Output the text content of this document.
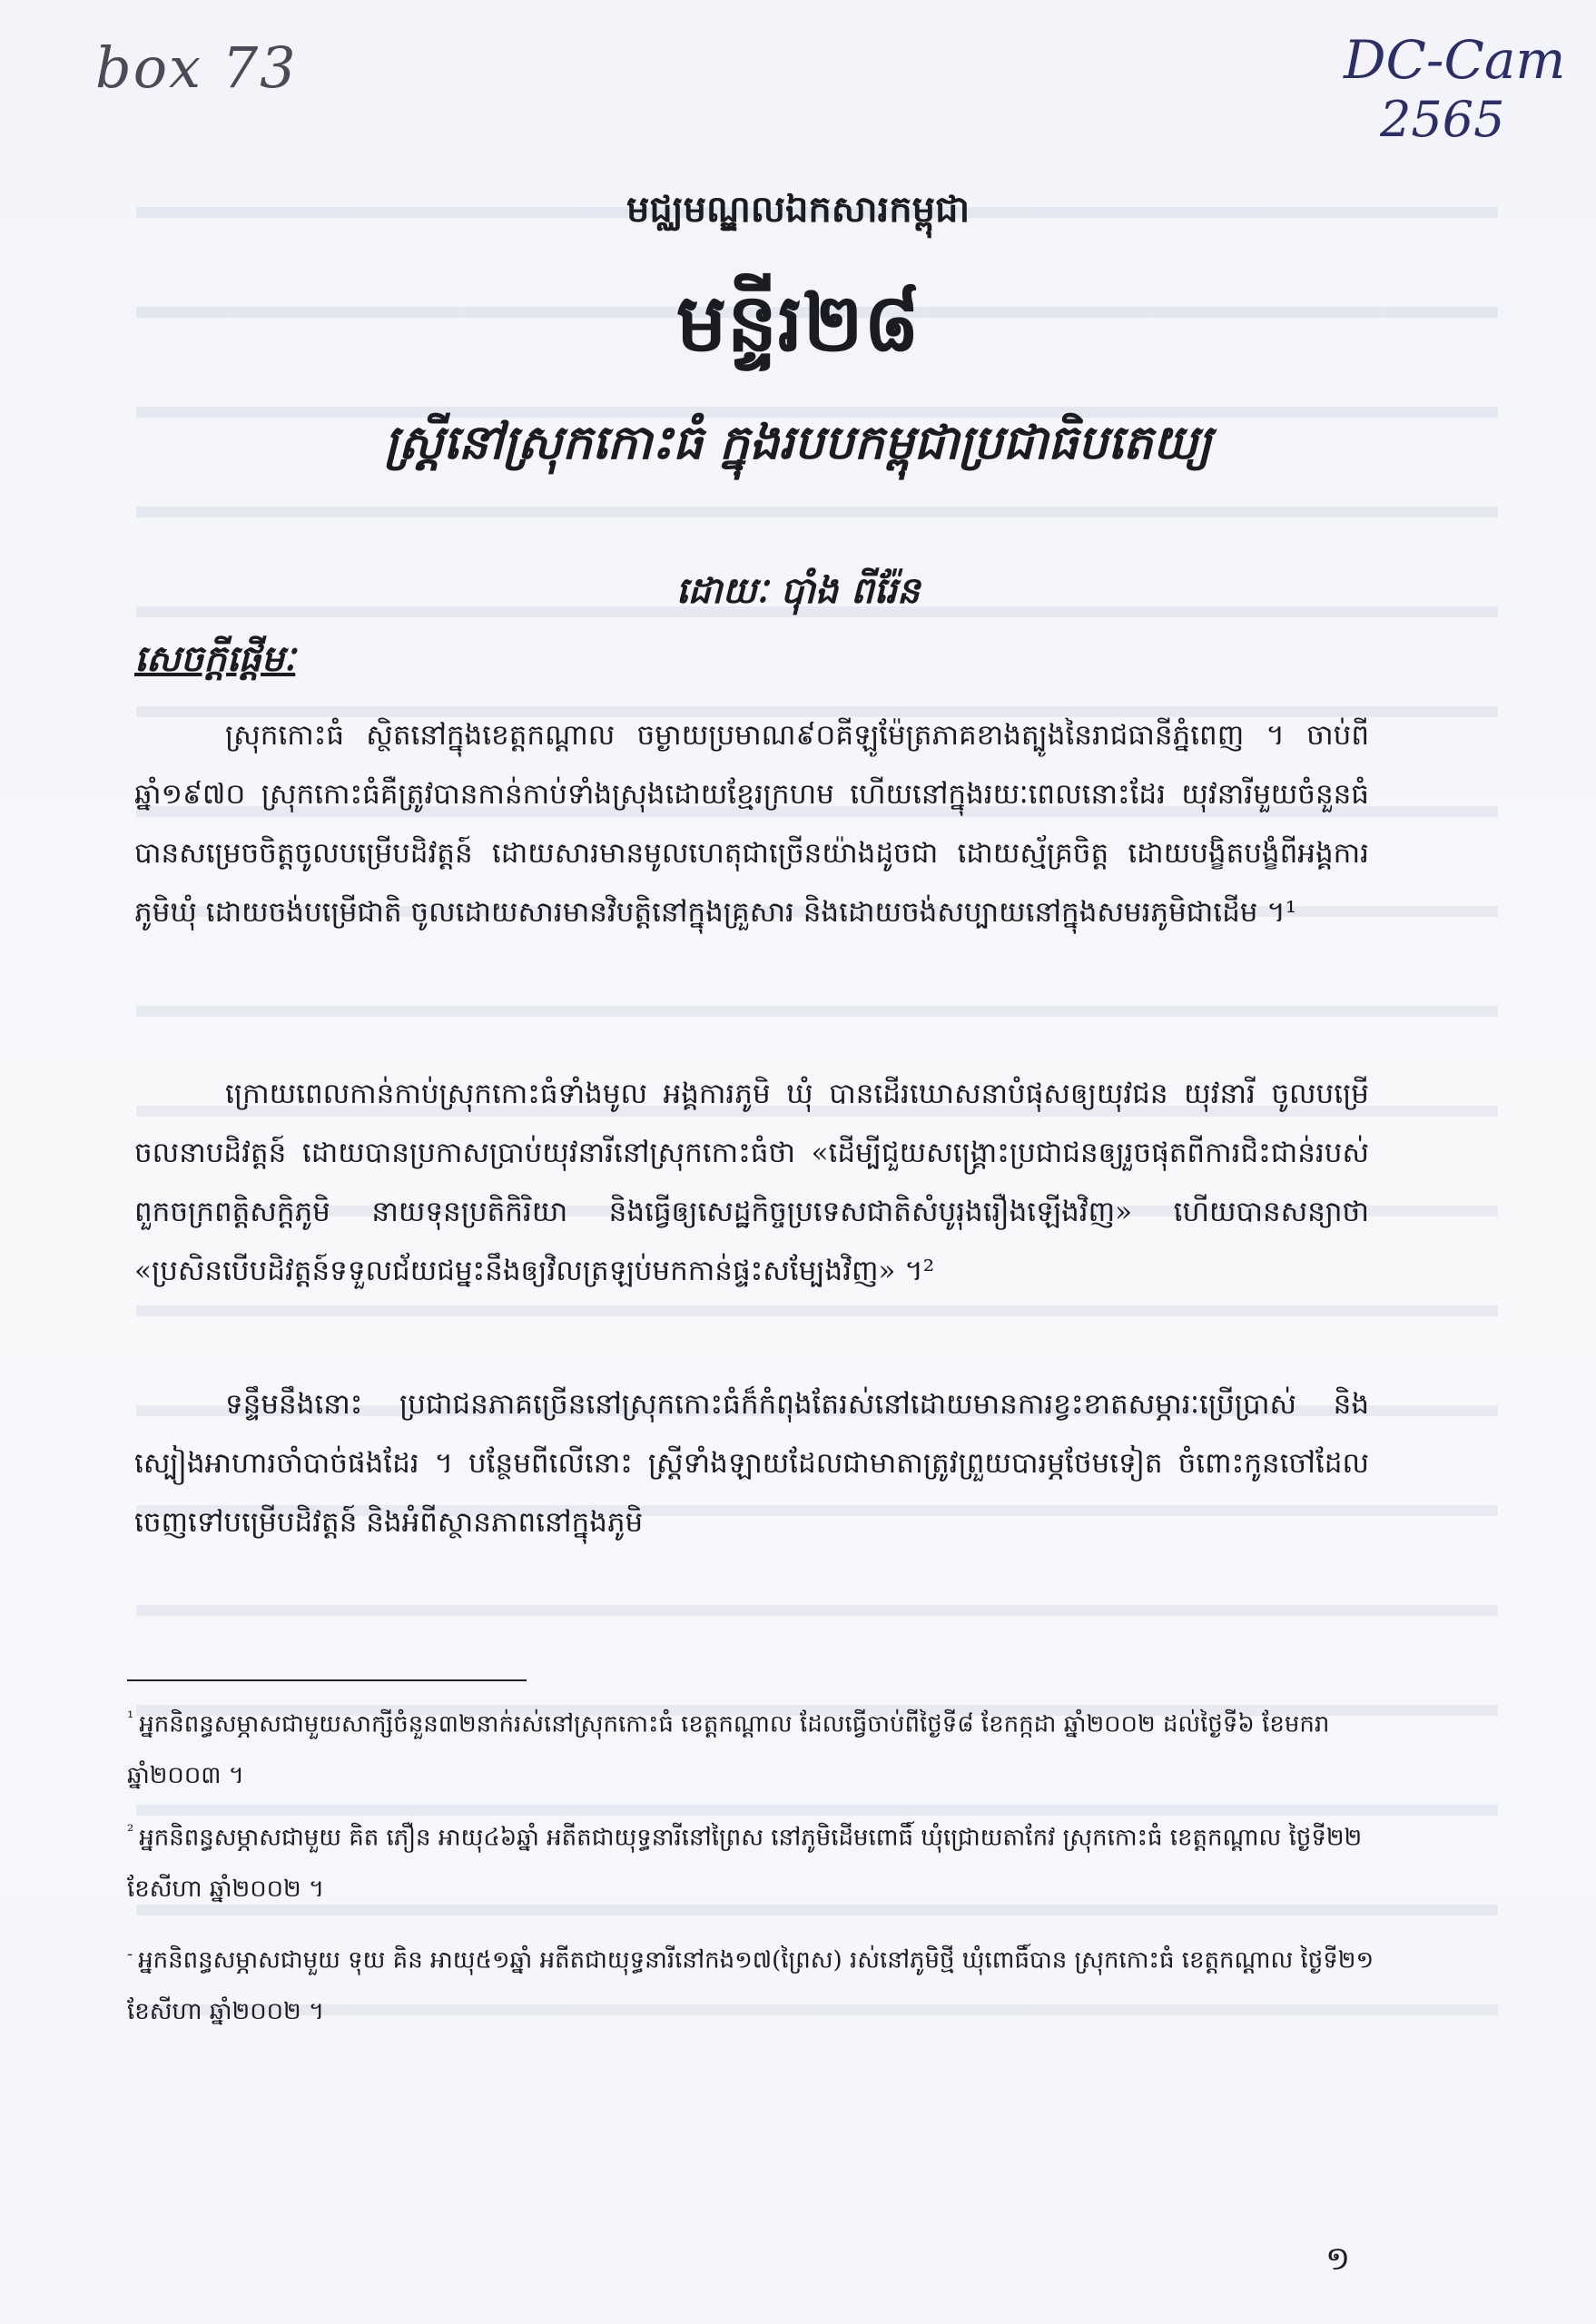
box 73	DC-Cam
2565
មជ្ឈមណ្ឌលឯកសារកម្ពុជា
មន្ទីរ២៨
ស្ត្រីនៅស្រុកកោះធំ ក្នុងរបបកម្ពុជាប្រជាធិបតេយ្យ
ដោយៈ ប៉ាំង ពីរ៉ែន
សេចក្តីផ្តើមៈ

ស្រុកកោះធំ ស្ថិតនៅក្នុងខេត្តកណ្តាល ចម្ងាយប្រមាណ៩០គីឡូម៉ែត្រភាគខាងត្បូងនៃរាជធានីភ្នំពេញ ។ ចាប់ពីឆ្នាំ១៩៧០ ស្រុកកោះធំគឺត្រូវបានកាន់កាប់ទាំងស្រុងដោយខ្មែរក្រហម ហើយនៅក្នុងរយៈពេលនោះដែរ យុវនារីមួយចំនួនធំ បានសម្រេចចិត្តចូលបម្រើបដិវត្តន៍ ដោយសារមានមូលហេតុជាច្រើនយ៉ាងដូចជា ដោយស្ម័គ្រចិត្ត ដោយបង្ខិតបង្ខំពីអង្គការភូមិឃុំ ដោយចង់បម្រើជាតិ ចូលដោយសារមានវិបត្តិនៅក្នុងគ្រួសារ និងដោយចង់សប្បាយនៅក្នុងសមរភូមិជាដើម ។¹

ក្រោយពេលកាន់កាប់ស្រុកកោះធំទាំងមូល អង្គការភូមិ ឃុំ បានដើរឃោសនាបំផុសឲ្យយុវជន យុវនារី ចូលបម្រើចលនាបដិវត្តន៍ ដោយបានប្រកាសប្រាប់យុវនារីនៅស្រុកកោះធំថា «ដើម្បីជួយសង្គ្រោះប្រជាជនឲ្យរួចផុតពីការជិះជាន់របស់ពួកចក្រពត្តិសក្តិភូមិ នាយទុនប្រតិកិរិយា និងធ្វើឲ្យសេដ្ឋកិច្ចប្រទេសជាតិសំបូរុងរឿងឡើងវិញ» ហើយបានសន្យាថា «ប្រសិនបើបដិវត្តន៍ទទួលជ័យជម្នះនឹងឲ្យវិលត្រឡប់មកកាន់ផ្ទះសម្បែងវិញ» ។²

ទន្ទឹមនឹងនោះ ប្រជាជនភាគច្រើននៅស្រុកកោះធំក៏កំពុងតែរស់នៅដោយមានការខ្វះខាតសម្ភារៈប្រើប្រាស់ និងស្បៀងអាហារចាំបាច់ផងដែរ ។ បន្ថែមពីលើនោះ ស្ត្រីទាំងឡាយដែលជាមាតាត្រូវព្រួយបារម្ភថែមទៀត ចំពោះកូនចៅដែលចេញទៅបម្រើបដិវត្តន៍ និងអំពីស្ថានភាពនៅក្នុងភូមិ

$^{^1}$ អ្នកនិពន្ធសម្ភាសជាមួយសាក្សីចំនួន៣២នាក់រស់នៅស្រុកកោះធំ ខេត្តកណ្តាល ដែលធ្វើចាប់ពីថ្ងៃទី៨ ខែកក្កដា ឆ្នាំ២០០២ ដល់ថ្ងៃទី៦ ខែមករា ឆ្នាំ២០០៣ ។

$^{^2}$ អ្នកនិពន្ធសម្ភាសជាមួយ គិត ភឿន អាយុ៤៦ឆ្នាំ អតីតជាយុទ្ធនារីនៅព្រៃស នៅភូមិដើមពោធិ៍ ឃុំជ្រោយតាកែវ ស្រុកកោះធំ ខេត្តកណ្តាល ថ្ងៃទី២២ ខែសីហា ឆ្នាំ២០០២ ។

- អ្នកនិពន្ធសម្ភាសជាមួយ ទុយ គិន អាយុ៥១ឆ្នាំ អតីតជាយុទ្ធនារីនៅកង១៧(ព្រៃស) រស់នៅភូមិថ្មី ឃុំពោធិ៍បាន ស្រុកកោះធំ ខេត្តកណ្តាល ថ្ងៃទី២១ ខែសីហា ឆ្នាំ២០០២ ។

១
